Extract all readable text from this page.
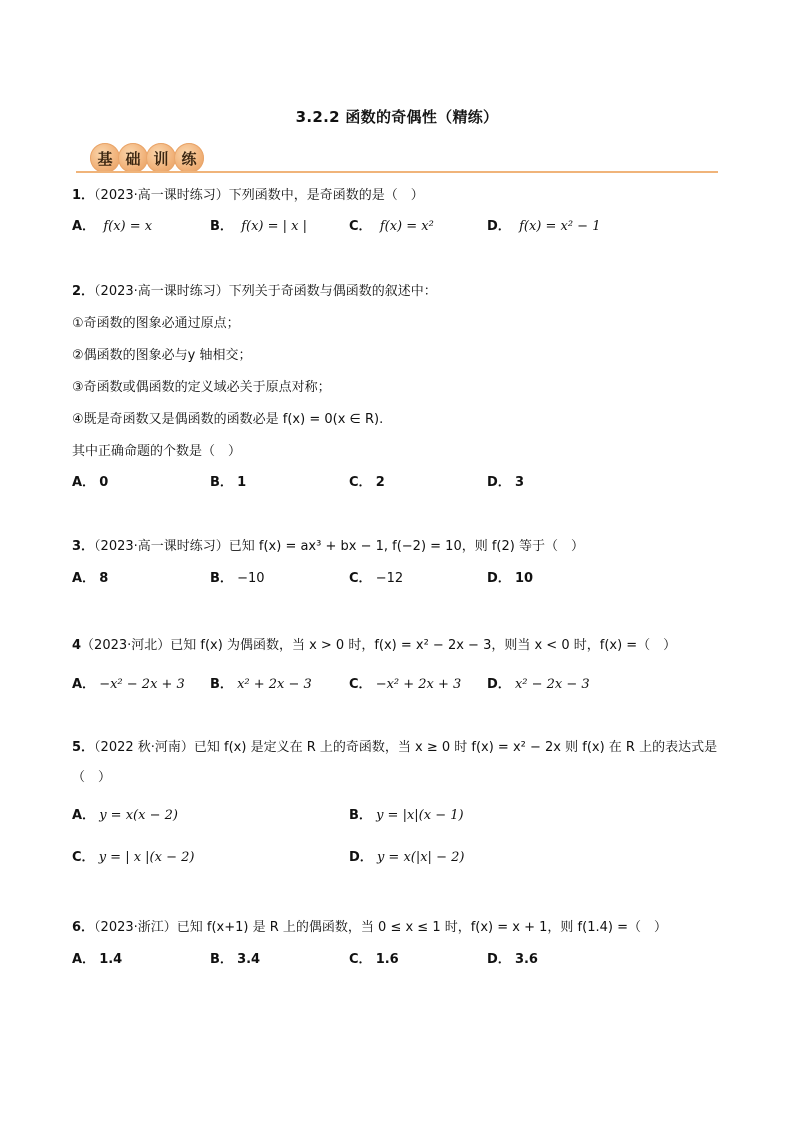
3.2.2 函数的奇偶性（精练）
基 础 训 练
1．（2023·高一课时练习）下列函数中，是奇函数的是（　）
A． f(x) = x	B． f(x) = | x |	C． f(x) = x²	D． f(x) = x² − 1
2．（2023·高一课时练习）下列关于奇函数与偶函数的叙述中：
①奇函数的图象必通过原点；
②偶函数的图象必与y 轴相交；
③奇函数或偶函数的定义域必关于原点对称；
④既是奇函数又是偶函数的函数必是 f(x) = 0(x ∈ R).
其中正确命题的个数是（　）
A． 0	B． 1	C． 2	D． 3
3．（2023·高一课时练习）已知 f(x) = ax³ + bx − 1, f(−2) = 10，则 f(2) 等于（　）
A． 8	B． −10	C． −12	D． 10
4（2023·河北）已知 f(x) 为偶函数，当 x > 0 时，f(x) = x² − 2x − 3，则当 x < 0 时，f(x) =（　）
A． −x² − 2x + 3 B． x² + 2x − 3	C． −x² + 2x + 3 D． x² − 2x − 3
5．（2022 秋·河南）已知 f(x) 是定义在 R 上的奇函数，当 x ≥ 0 时 f(x) = x² − 2x 则 f(x) 在 R 上的表达式是
（　）
A． y = x(x − 2)	B． y = |x|(x − 1)
C． y = | x |(x − 2)	D． y = x(|x| − 2)
6．（2023·浙江）已知 f(x+1) 是 R 上的偶函数，当 0 ≤ x ≤ 1 时，f(x) = x + 1，则 f(1.4) =（　）
A． 1.4	B． 3.4	C． 1.6	D． 3.6
